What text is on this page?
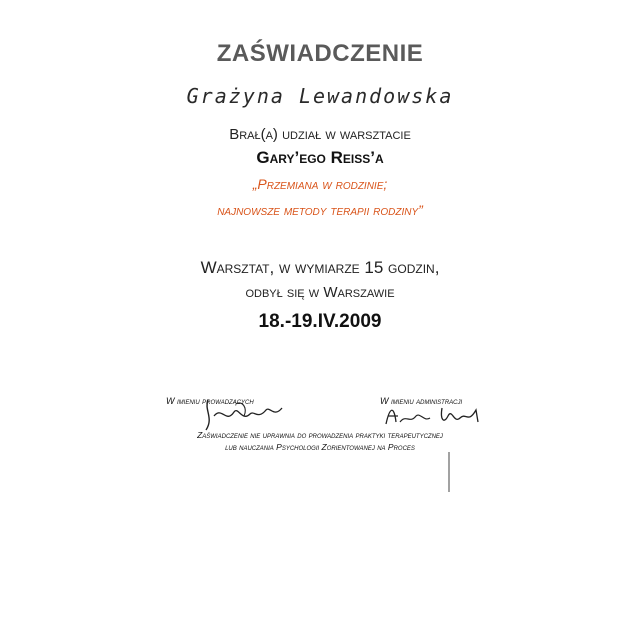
ZAŚWIADCZENIE
Grażyna Lewandowska
Brał(a) udział w warsztacie
Gary’ego Reiss’a
„Przemiana w rodzinie;
najnowsze metody terapii rodziny”
Warsztat, w wymiarze 15 godzin,
odbył się w Warszawie
18.-19.IV.2009
W imieniu prowadzących	W imieniu administracji
Zaświadczenie nie uprawnia do prowadzenia praktyki terapeutycznej
lub nauczania Psychologii Zorientowanej na Proces
